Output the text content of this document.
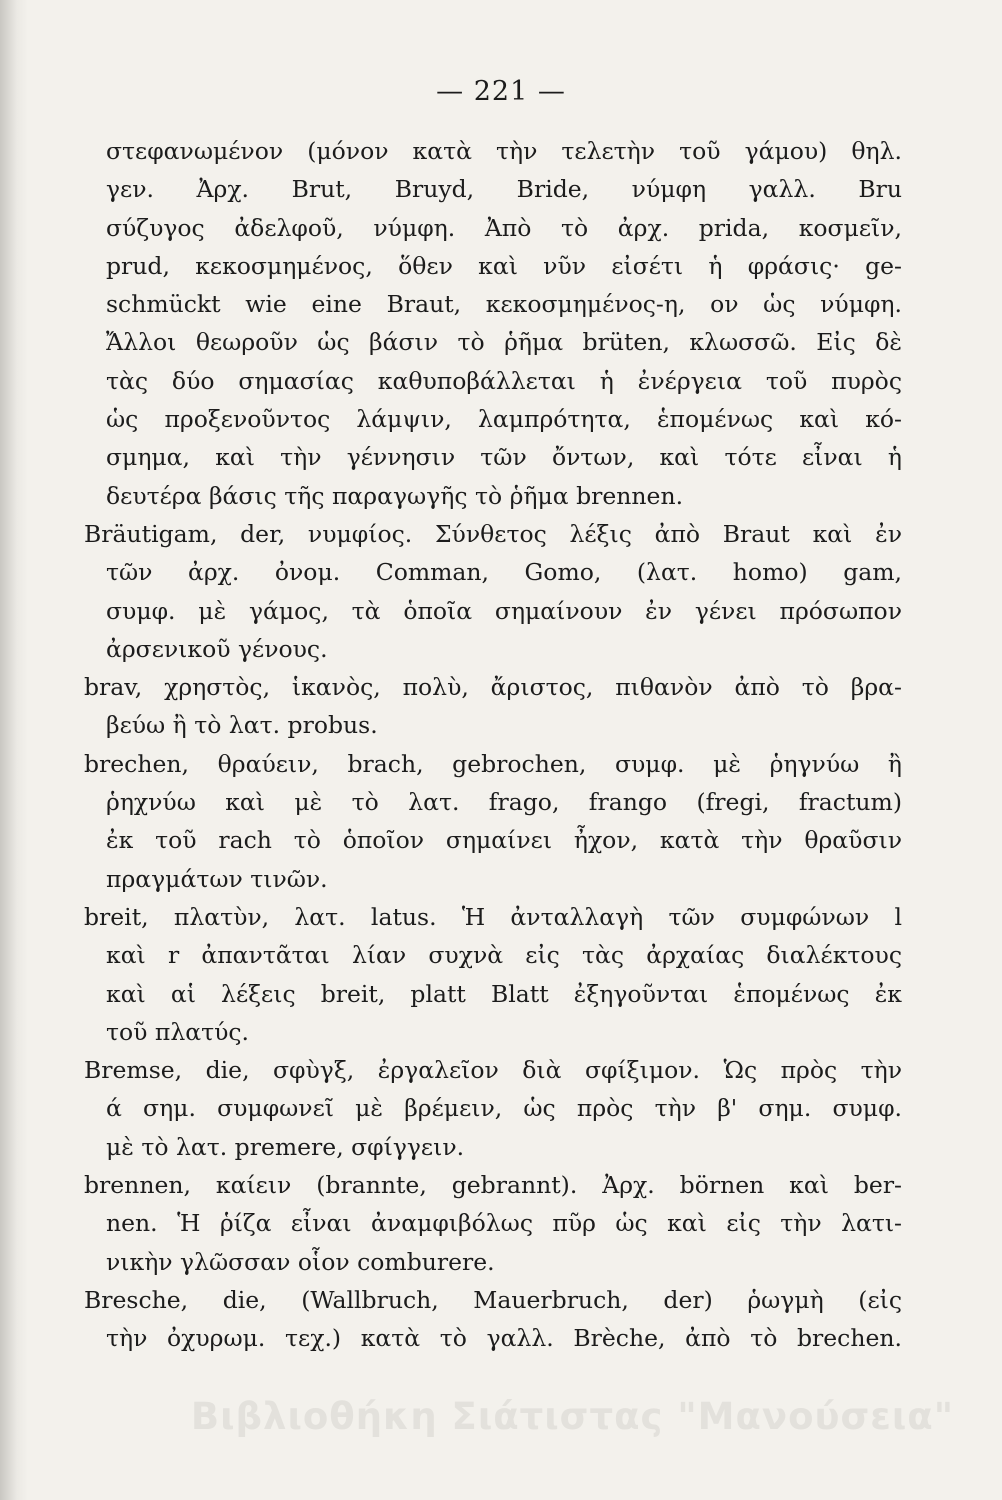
— 221 —
στεφανωμένον (μόνον κατὰ τὴν τελετὴν τοῦ γάμου) θηλ.
γεν. Ἀρχ. Brut, Bruyd, Bride, νύμφη γαλλ. Bru
σύζυγος ἀδελφοῦ, νύμφη. Ἀπὸ τὸ ἀρχ. prida, κοσμεῖν,
prud, κεκοσμημένος, ὅθεν καὶ νῦν εἰσέτι ἡ φράσις· ge-
schmückt wie eine Braut, κεκοσμημένος-η, ον ὡς νύμφη.
Ἄλλοι θεωροῦν ὡς βάσιν τὸ ῥῆμα brüten, κλωσσῶ. Εἰς δὲ
τὰς δύο σημασίας καθυποβάλλεται ἡ ἐνέργεια τοῦ πυρὸς
ὡς προξενοῦντος λάμψιν, λαμπρότητα, ἑπομένως καὶ κό-
σμημα, καὶ τὴν γέννησιν τῶν ὄντων, καὶ τότε εἶναι ἡ
δευτέρα βάσις τῆς παραγωγῆς τὸ ῥῆμα brennen.
Bräutigam, der, νυμφίος. Σύνθετος λέξις ἀπὸ Braut καὶ ἐν
τῶν ἀρχ. ὀνομ. Comman, Gomo, (λατ. homo) gam,
συμφ. μὲ γάμος, τὰ ὁποῖα σημαίνουν ἐν γένει πρόσωπον
ἀρσενικοῦ γένους.
brav, χρηστὸς, ἱκανὸς, πολὺ, ἄριστος, πιθανὸν ἀπὸ τὸ βρα-
βεύω ἢ τὸ λατ. probus.
brechen, θραύειν, brach, gebrochen, συμφ. μὲ ῥηγνύω ἢ
ῥηχνύω καὶ μὲ τὸ λατ. frago, frango (fregi, fractum)
ἐκ τοῦ rach τὸ ὁποῖον σημαίνει ἦχον, κατὰ τὴν θραῦσιν
πραγμάτων τινῶν.
breit, πλατὺν, λατ. latus. Ἡ ἀνταλλαγὴ τῶν συμφώνων l
καὶ r ἀπαντᾶται λίαν συχνὰ εἰς τὰς ἀρχαίας διαλέκτους
καὶ αἱ λέξεις breit, platt Blatt ἐξηγοῦνται ἑπομένως ἐκ
τοῦ πλατύς.
Bremse, die, σφὺγξ, ἐργαλεῖον διὰ σφίξιμον. Ὡς πρὸς τὴν
ά σημ. συμφωνεῖ μὲ βρέμειν, ὡς πρὸς τὴν β' σημ. συμφ.
μὲ τὸ λατ. premere, σφίγγειν.
brennen, καίειν (brannte, gebrannt). Ἀρχ. börnen καὶ ber-
nen. Ἡ ῥίζα εἶναι ἀναμφιβόλως πῦρ ὡς καὶ εἰς τὴν λατι-
νικὴν γλῶσσαν οἷον comburere.
Bresche, die, (Wallbruch, Mauerbruch, der) ῥωγμὴ (εἰς
τὴν ὀχυρωμ. τεχ.) κατὰ τὸ γαλλ. Brèche, ἀπὸ τὸ brechen.
Βιβλιοθήκη Σιάτιστας "Μανούσεια"
